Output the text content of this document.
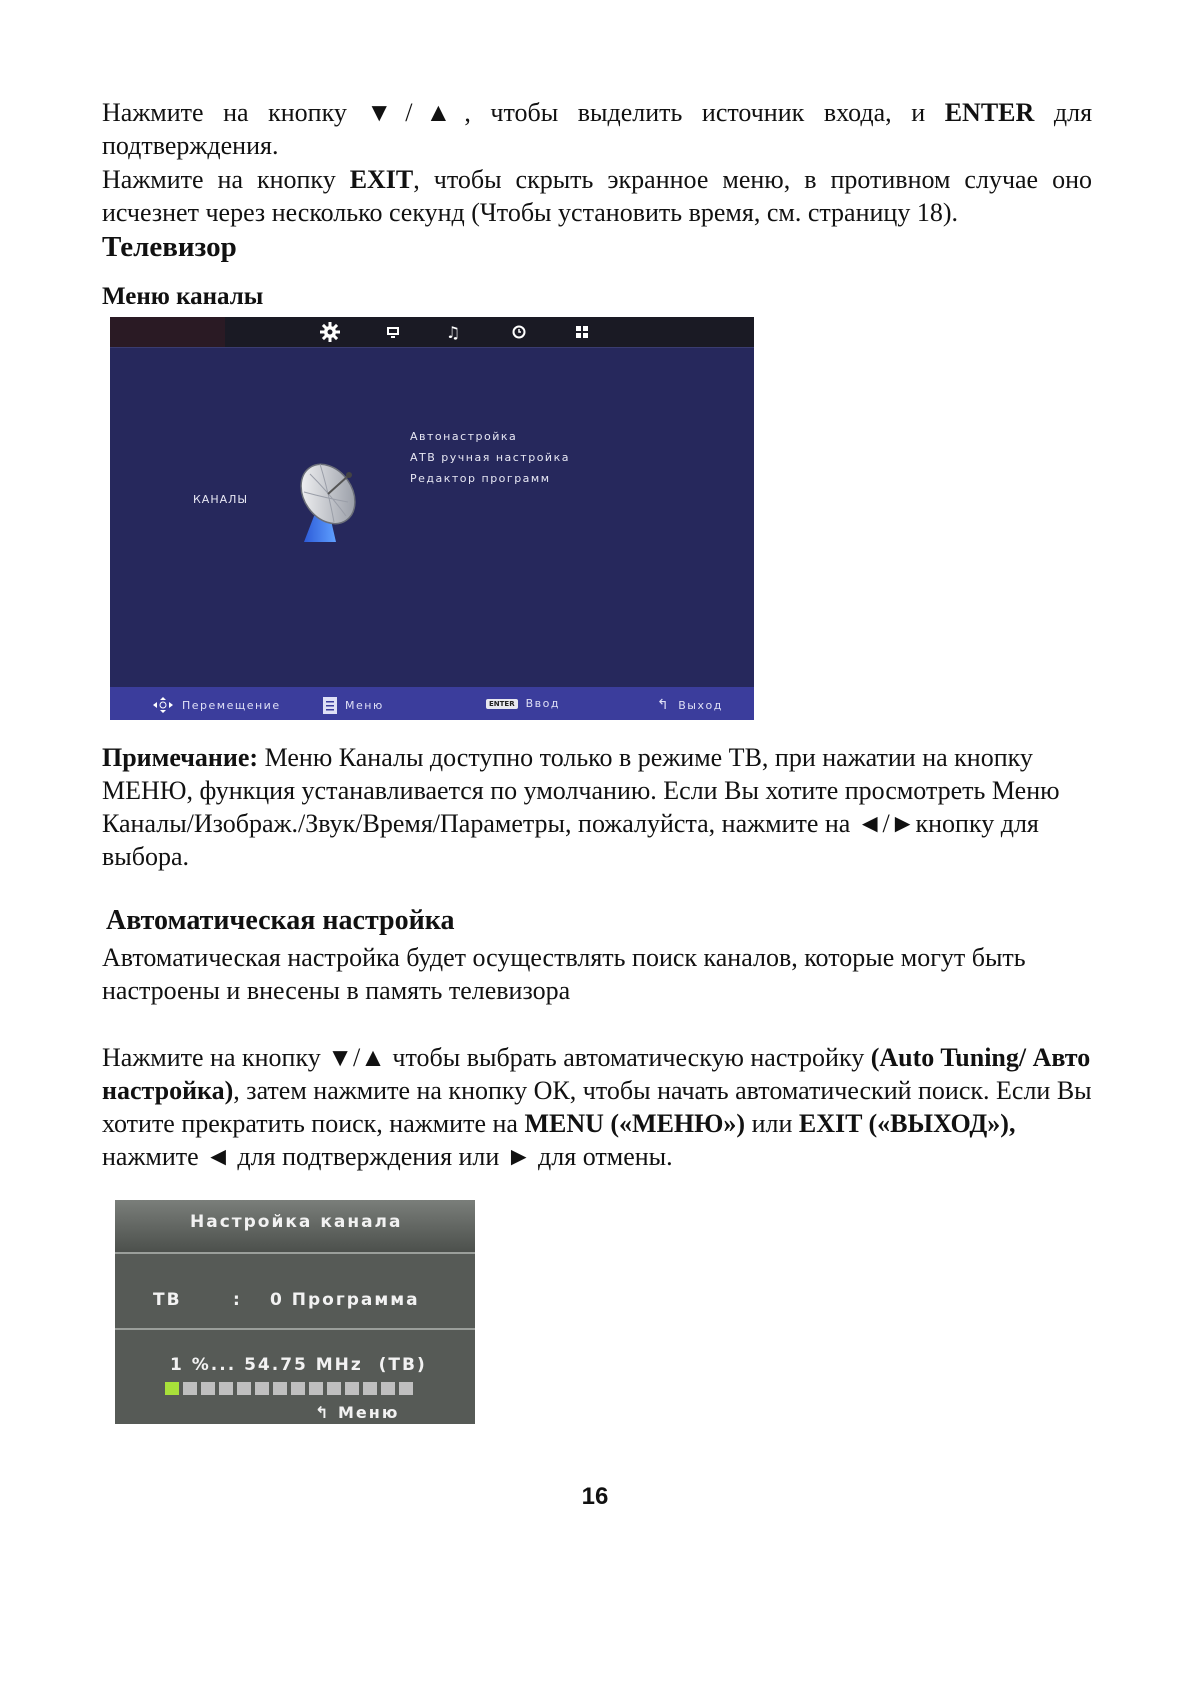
Нажмите на кнопку ▼/▲, чтобы выделить источник входа, и ENTER для подтверждения.

Нажмите на кнопку EXIT, чтобы скрыть экранное меню, в противном случае оно исчезнет через несколько секунд (Чтобы установить время, см. страницу 18).

Телевизор
Меню каналы
♫
КАНАЛЫ
Автонастройка
АТВ ручная настройка
Редактор программ
Перемещение	Меню	ENTER Ввод	↰ Выход

Примечание: Меню Каналы доступно только в режиме ТВ, при нажатии на кнопку МЕНЮ, функция устанавливается по умолчанию. Если Вы хотите просмотреть Меню Каналы/Изображ./Звук/Время/Параметры, пожалуйста, нажмите на ◄/►кнопку для выбора.

Автоматическая настройка

Автоматическая настройка будет осуществлять поиск каналов, которые могут быть настроены и внесены в память телевизора

Нажмите на кнопку ▼/▲ чтобы выбрать автоматическую настройку (Auto Tuning/ Авто настройка), затем нажмите на кнопку ОК, чтобы начать автоматический поиск. Если Вы хотите прекратить поиск, нажмите на MENU («МЕНЮ») или EXIT («ВЫХОД»), нажмите ◄ для подтверждения или ► для отмены.

Настройка канала
ТВ	: 0 Программа
1 %... 54.75 MHz  (ТВ)
↰ Меню
16
